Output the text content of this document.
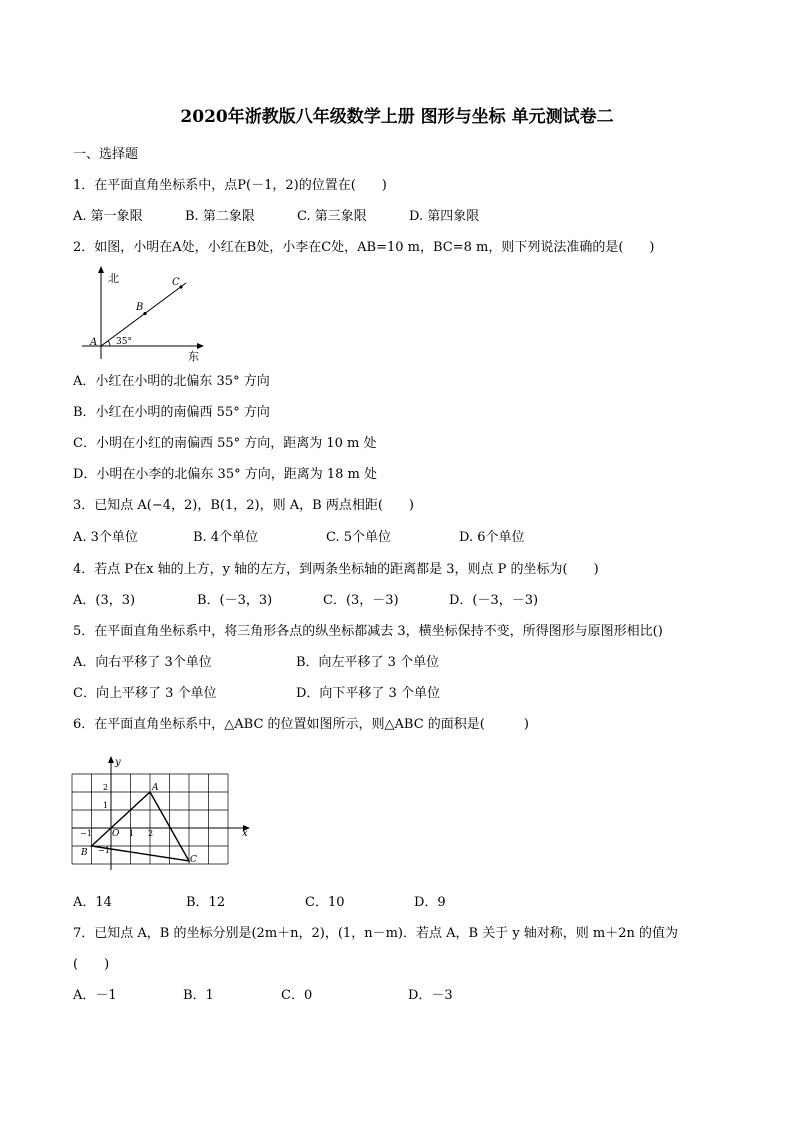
2020年浙教版八年级数学上册 图形与坐标 单元测试卷二
一、选择题
1．在平面直角坐标系中，点P(－1，2)的位置在(　　)
A. 第一象限	B. 第二象限	C. 第三象限	D. 第四象限
2．如图，小明在A处，小红在B处，小李在C处，AB=10 m，BC=8 m，则下列说法准确的是(　　)
北
东
A
B
C
35°
A．小红在小明的北偏东 35° 方向
B．小红在小明的南偏西 55° 方向
C．小明在小红的南偏西 55° 方向，距离为 10 m 处
D．小明在小李的北偏东 35° 方向，距离为 18 m 处
3．已知点 A(−4，2)，B(1，2)，则 A，B 两点相距(　　)
A. 3个单位	B. 4个单位	C. 5个单位	D. 6个单位
4．若点 P在x 轴的上方，y 轴的左方，到两条坐标轴的距离都是 3，则点 P 的坐标为(　　)
A．(3，3)	B．(－3，3)	C．(3，－3)	D．(－3，－3)
5．在平面直角坐标系中，将三角形各点的纵坐标都减去 3，横坐标保持不变，所得图形与原图形相比()
A．向右平移了 3个单位	B．向左平移了 3 个单位
C．向上平移了 3 个单位	D．向下平移了 3 个单位
6．在平面直角坐标系中，△ABC 的位置如图所示，则△ABC 的面积是(　　　)
y
x
O
A
B
C
2
1
−1
1 2
−1
A．14	B．12	C．10	D．9
7．已知点 A，B 的坐标分别是(2m＋n，2)，(1，n－m)．若点 A，B 关于 y 轴对称，则 m＋2n 的值为
(　　)
A．－1	B．1	C．0	D．－3
